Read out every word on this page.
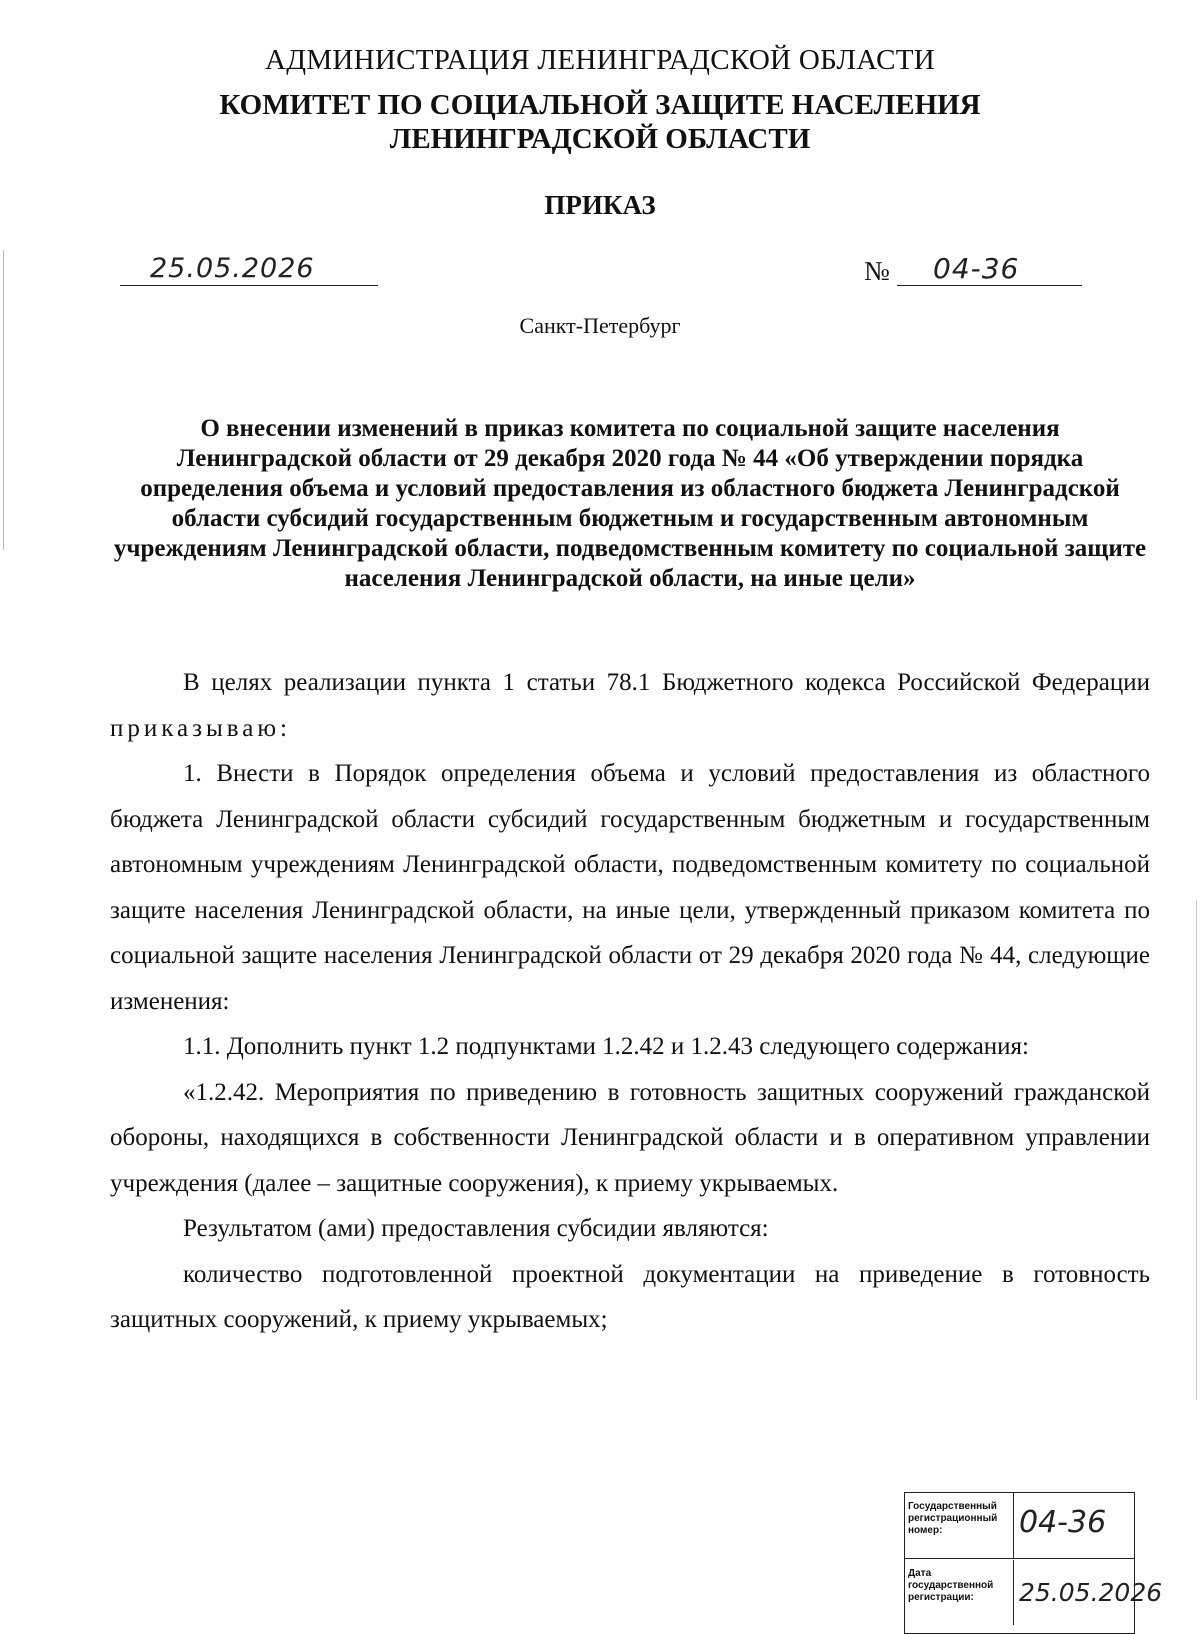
АДМИНИСТРАЦИЯ ЛЕНИНГРАДСКОЙ ОБЛАСТИ
КОМИТЕТ ПО СОЦИАЛЬНОЙ ЗАЩИТЕ НАСЕЛЕНИЯ
ЛЕНИНГРАДСКОЙ ОБЛАСТИ
ПРИКАЗ
25.05.2026	№ 04-36
Санкт-Петербург
О внесении изменений в приказ комитета по социальной защите населения Ленинградской области от 29 декабря 2020 года № 44 «Об утверждении порядка определения объема и условий предоставления из областного бюджета Ленинградской области субсидий государственным бюджетным и государственным автономным учреждениям Ленинградской области, подведомственным комитету по социальной защите населения Ленинградской области, на иные цели»

В целях реализации пункта 1 статьи 78.1 Бюджетного кодекса Российской Федерации приказываю:

1. Внести в Порядок определения объема и условий предоставления из областного бюджета Ленинградской области субсидий государственным бюджетным и государственным автономным учреждениям Ленинградской области, подведомственным комитету по социальной защите населения Ленинградской области, на иные цели, утвержденный приказом комитета по социальной защите населения Ленинградской области от 29 декабря 2020 года № 44, следующие изменения:

1.1. Дополнить пункт 1.2 подпунктами 1.2.42 и 1.2.43 следующего содержания:

«1.2.42. Мероприятия по приведению в готовность защитных сооружений гражданской обороны, находящихся в собственности Ленинградской области и в оперативном управлении учреждения (далее – защитные сооружения), к приему укрываемых.

Результатом (ами) предоставления субсидии являются:

количество подготовленной проектной документации на приведение в готовность защитных сооружений, к приему укрываемых;

Государственный регистрационный номер:	04-36
Дата государственной регистрации:	25.05.2026
